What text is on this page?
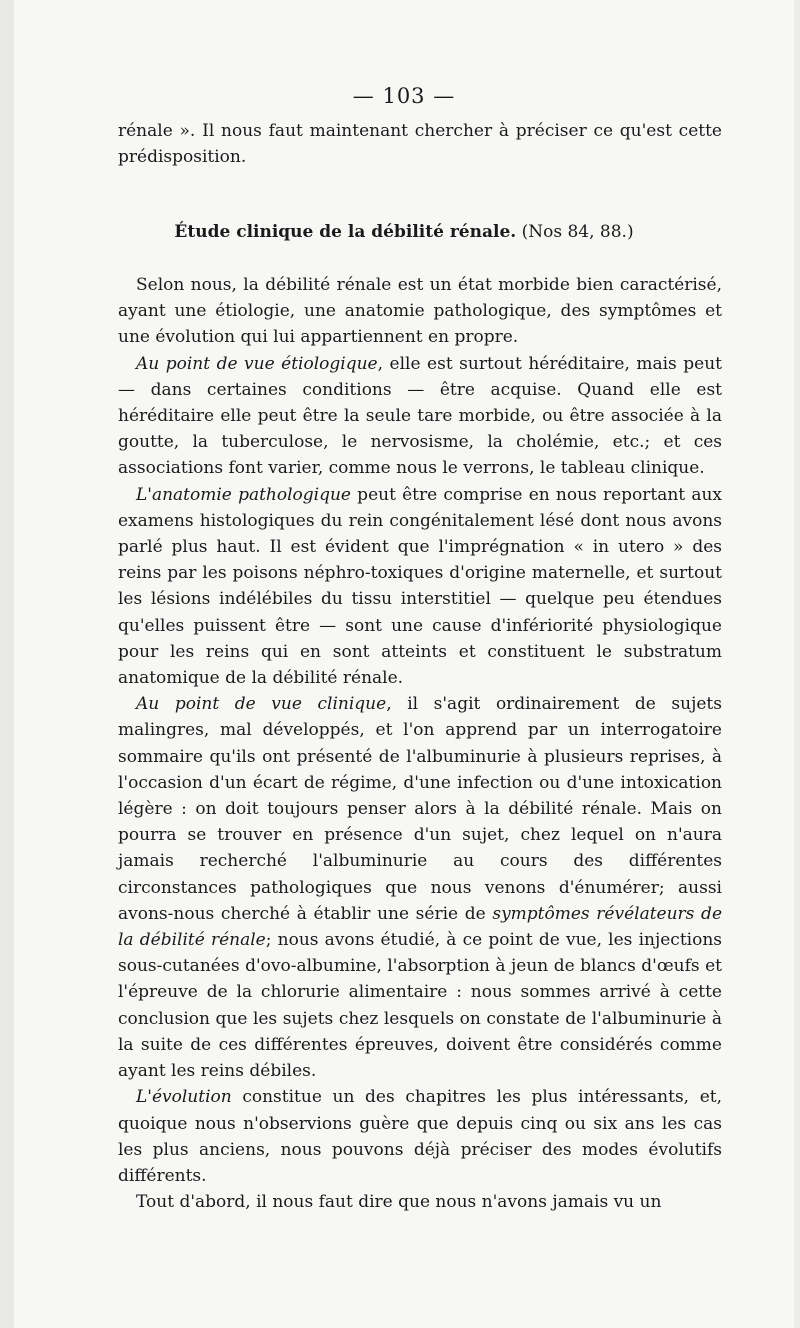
— 103 —

rénale ». Il nous faut maintenant chercher à préciser ce qu'est cette prédisposition.

Étude clinique de la débilité rénale. (Nos 84, 88.)

Selon nous, la débilité rénale est un état morbide bien caractérisé, ayant une étiologie, une anatomie pathologique, des symptômes et une évolution qui lui appartiennent en propre.

Au point de vue étiologique, elle est surtout héréditaire, mais peut — dans certaines conditions — être acquise. Quand elle est héréditaire elle peut être la seule tare morbide, ou être associée à la goutte, la tuberculose, le nervosisme, la cholémie, etc.; et ces associations font varier, comme nous le verrons, le tableau clinique.

L'anatomie pathologique peut être comprise en nous reportant aux examens histologiques du rein congénitalement lésé dont nous avons parlé plus haut. Il est évident que l'imprégnation « in utero » des reins par les poisons néphro-toxiques d'origine maternelle, et surtout les lésions indélébiles du tissu interstitiel — quelque peu étendues qu'elles puissent être — sont une cause d'infériorité physiologique pour les reins qui en sont atteints et constituent le substratum anatomique de la débilité rénale.

Au point de vue clinique, il s'agit ordinairement de sujets malingres, mal développés, et l'on apprend par un interrogatoire sommaire qu'ils ont présenté de l'albuminurie à plusieurs reprises, à l'occasion d'un écart de régime, d'une infection ou d'une intoxication légère : on doit toujours penser alors à la débilité rénale. Mais on pourra se trouver en présence d'un sujet, chez lequel on n'aura jamais recherché l'albuminurie au cours des différentes circonstances pathologiques que nous venons d'énumérer; aussi avons-nous cherché à établir une série de symptômes révélateurs de la débilité rénale; nous avons étudié, à ce point de vue, les injections sous-cutanées d'ovo-albumine, l'absorption à jeun de blancs d'œufs et l'épreuve de la chlorurie alimentaire : nous sommes arrivé à cette conclusion que les sujets chez lesquels on constate de l'albuminurie à la suite de ces différentes épreuves, doivent être considérés comme ayant les reins débiles.

L'évolution constitue un des chapitres les plus intéressants, et, quoique nous n'observions guère que depuis cinq ou six ans les cas les plus anciens, nous pouvons déjà préciser des modes évolutifs différents.

Tout d'abord, il nous faut dire que nous n'avons jamais vu un
